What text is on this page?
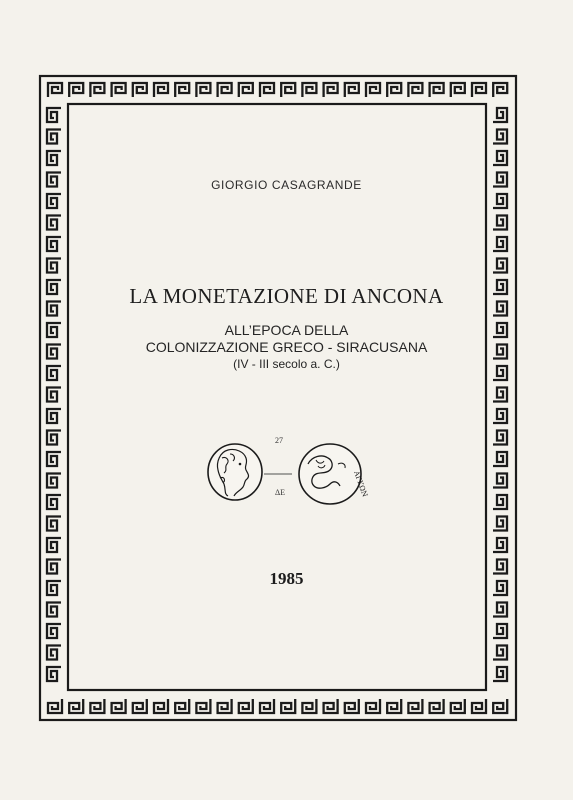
GIORGIO CASAGRANDE
LA MONETAZIONE DI ANCONA
ALL’EPOCA DELLA
COLONIZZAZIONE GRECO - SIRACUSANA
(IV - III secolo a. C.)
ΑΓΚΩΝ
27
ΔΕ
1985
